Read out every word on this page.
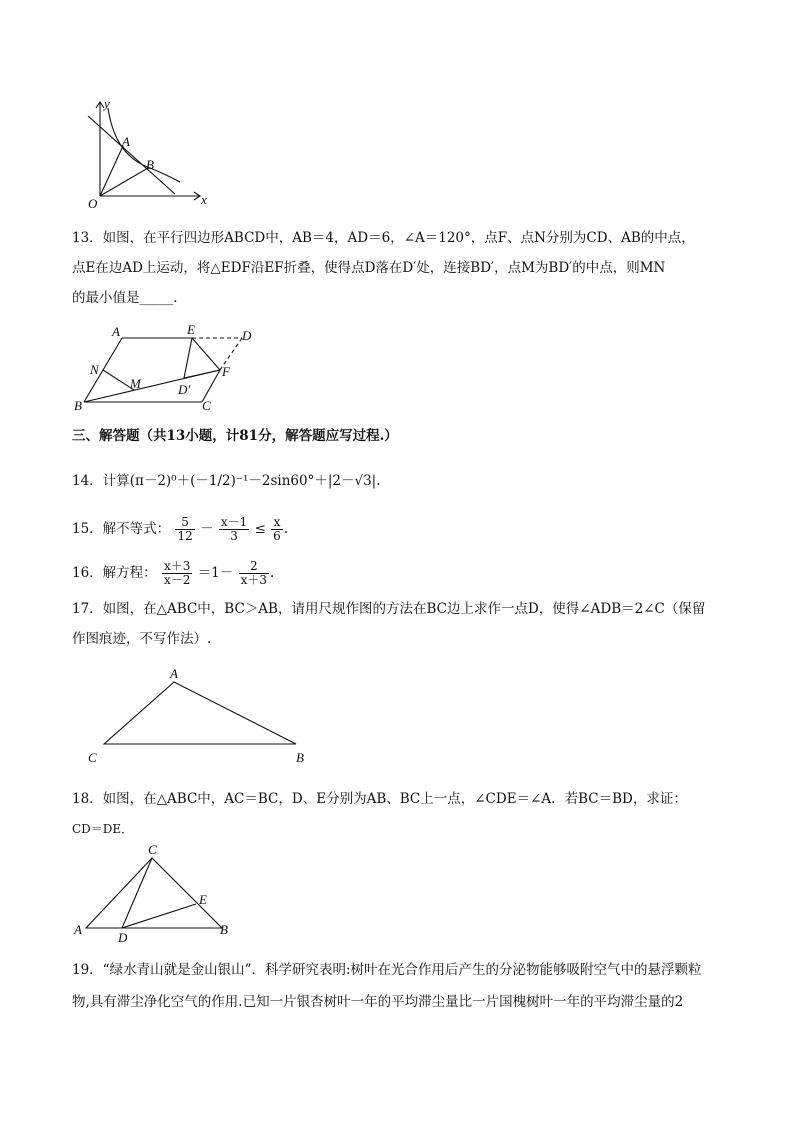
y
x
O
A
B
13．如图，在平行四边形ABCD中，AB＝4，AD＝6，∠A＝120°，点F、点N分别为CD、AB的中点，
点E在边AD上运动，将△EDF沿EF折叠，使得点D落在D′处，连接BD′，点M为BD′的中点，则MN
的最小值是_____．
A	E	D
N
M
F
D′
B	C
三、解答题（共13小题，计81分，解答题应写过程.）
14．计算(π－2)⁰＋(－1/2)⁻¹－2sin60°＋|2－√3|.
15．解不等式： $\frac{5}{12} - \frac{x-1}{3} \le \frac{x}{6}$ .
16．解方程： $\frac{x+3}{x-2} =1- \frac{2}{x+3}$ .
17．如图，在△ABC中，BC＞AB，请用尺规作图的方法在BC边上求作一点D，使得∠ADB＝2∠C（保留
作图痕迹，不写作法）.
A
C	B
18．如图，在△ABC中，AC＝BC，D、E分别为AB、BC上一点，∠CDE＝∠A．若BC＝BD，求证：
CD＝DE．
C
A
D
E
B
19．“绿水青山就是金山银山”．科学研究表明:树叶在光合作用后产生的分泌物能够吸附空气中的悬浮颗粒
物,具有滞尘净化空气的作用.已知一片银杏树叶一年的平均滞尘量比一片国槐树叶一年的平均滞尘量的2
